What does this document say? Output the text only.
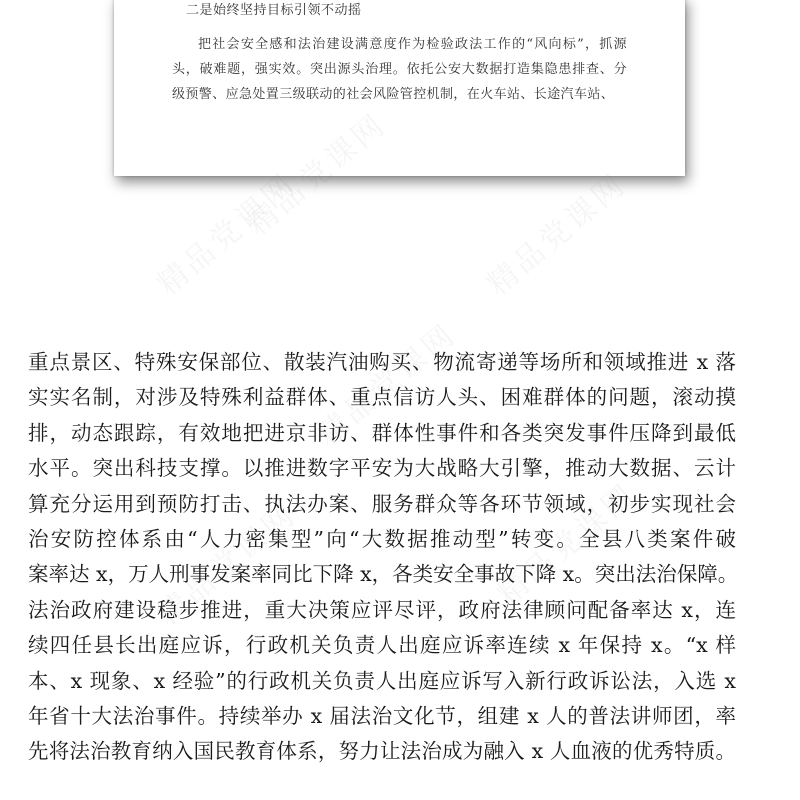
二是始终坚持目标引领不动摇
把社会安全感和法治建设满意度作为检验政法工作的“风向标”，抓源头，破难题，强实效。突出源头治理。依托公安大数据打造集隐患排查、分级预警、应急处置三级联动的社会风险管控机制，在火车站、长途汽车站、
精品党课网	精品党课网
精品党课网
精品党课网	精品党课网
重点景区、特殊安保部位、散装汽油购买、物流寄递等场所和领域推进 x 落
实实名制，对涉及特殊利益群体、重点信访人头、困难群体的问题，滚动摸
排，动态跟踪，有效地把进京非访、群体性事件和各类突发事件压降到最低
水平。突出科技支撑。以推进数字平安为大战略大引擎，推动大数据、云计
算充分运用到预防打击、执法办案、服务群众等各环节领域，初步实现社会
治安防控体系由“人力密集型”向“大数据推动型”转变。全县八类案件破
案率达 x，万人刑事发案率同比下降 x，各类安全事故下降 x。突出法治保障。
法治政府建设稳步推进，重大决策应评尽评，政府法律顾问配备率达 x，连
续四任县长出庭应诉，行政机关负责人出庭应诉率连续 x 年保持 x。“x 样
本、x 现象、x 经验”的行政机关负责人出庭应诉写入新行政诉讼法，入选 x
年省十大法治事件。持续举办 x 届法治文化节，组建 x 人的普法讲师团，率
先将法治教育纳入国民教育体系，努力让法治成为融入 x 人血液的优秀特质。
